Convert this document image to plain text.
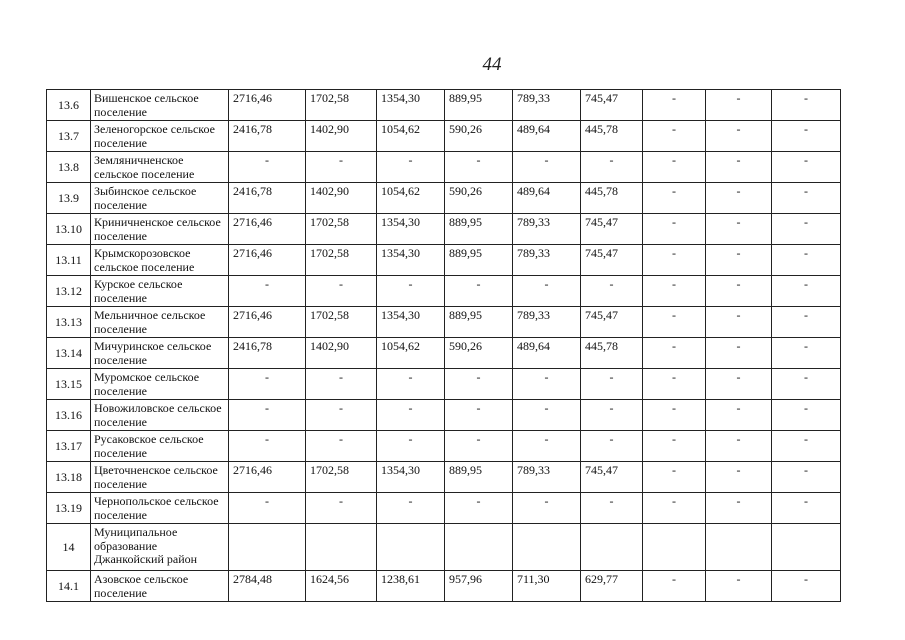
44
13.6	Вишенское сельское поселение	2716,46	1702,58	1354,30	889,95	789,33	745,47	-	-	-
13.7	Зеленогорское сельское поселение	2416,78	1402,90	1054,62	590,26	489,64	445,78	-	-	-
13.8	Земляничненское сельское поселение	-	-	-	-	-	-	-	-	-
13.9	Зыбинское сельское поселение	2416,78	1402,90	1054,62	590,26	489,64	445,78	-	-	-
13.10	Криничненское сельское поселение	2716,46	1702,58	1354,30	889,95	789,33	745,47	-	-	-
13.11	Крымскорозовское сельское поселение	2716,46	1702,58	1354,30	889,95	789,33	745,47	-	-	-
13.12	Курское сельское поселение	-	-	-	-	-	-	-	-	-
13.13	Мельничное сельское поселение	2716,46	1702,58	1354,30	889,95	789,33	745,47	-	-	-
13.14	Мичуринское сельское поселение	2416,78	1402,90	1054,62	590,26	489,64	445,78	-	-	-
13.15	Муромское сельское поселение	-	-	-	-	-	-	-	-	-
13.16	Новожиловское сельское поселение	-	-	-	-	-	-	-	-	-
13.17	Русаковское сельское поселение	-	-	-	-	-	-	-	-	-
13.18	Цветочненское сельское поселение	2716,46	1702,58	1354,30	889,95	789,33	745,47	-	-	-
13.19	Чернопольское сельское поселение	-	-	-	-	-	-	-	-	-
14	Муниципальное образование Джанкойский район									
14.1	Азовское сельское поселение	2784,48	1624,56	1238,61	957,96	711,30	629,77	-	-	-
